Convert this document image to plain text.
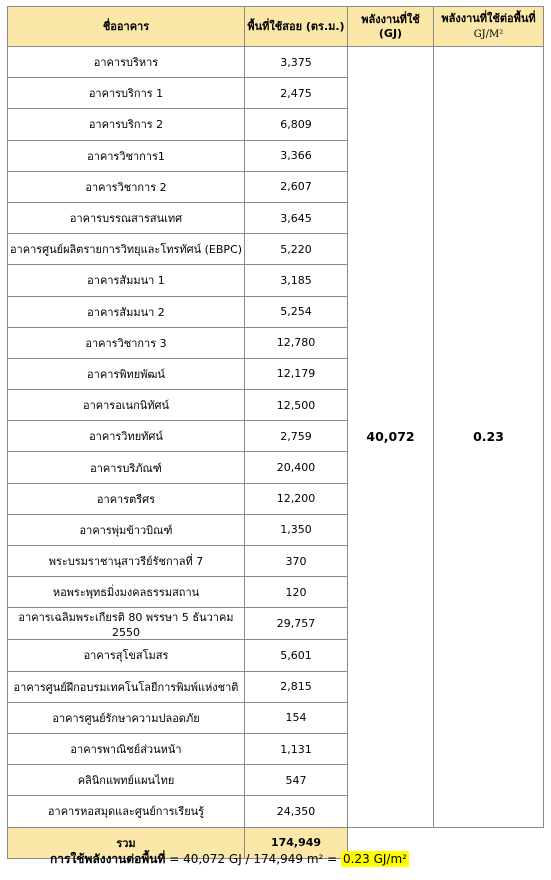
ชื่ออาคาร	พื้นที่ใช้สอย (ตร.ม.)	พลังงานที่ใช้ (GJ)	พลังงานที่ใช้ต่อพื้นที่
GJ/M²

อาคารบริหาร	3,375	40,072	0.23
อาคารบริการ 1	2,475		
อาคารบริการ 2	6,809		
อาคารวิชาการ1	3,366		
อาคารวิชาการ 2	2,607		
อาคารบรรณสารสนเทศ	3,645		
อาคารศูนย์ผลิตรายการวิทยุและโทรทัศน์ (EBPC)	5,220		
อาคารสัมมนา 1	3,185		
อาคารสัมมนา 2	5,254		
อาคารวิชาการ 3	12,780		
อาคารพิทยพัฒน์	12,179		
อาคารอเนกนิทัศน์	12,500		
อาคารวิทยทัศน์	2,759		
อาคารบริภัณฑ์	20,400		
อาคารตรีศร	12,200		
อาคารพุ่มข้าวบิณฑ์	1,350		
พระบรมราชานุสาวรีย์รัชกาลที่ 7	370		
หอพระพุทธมิ่งมงคลธรรมสถาน	120		
อาคารเฉลิมพระเกียรติ 80 พรรษา 5 ธันวาคม 2550	29,757		
อาคารสุโขสโมสร	5,601		
อาคารศูนย์ฝึกอบรมเทคโนโลยีการพิมพ์แห่งชาติ	2,815		
อาคารศูนย์รักษาความปลอดภัย	154		
อาคารพาณิชย์ส่วนหน้า	1,131		
คลินิกแพทย์แผนไทย	547		
อาคารหอสมุดและศูนย์การเรียนรู้	24,350		
รวม	174,949		
การใช้พลังงานต่อพื้นที่ = 40,072 GJ / 174,949 m² = 0.23 GJ/m²
